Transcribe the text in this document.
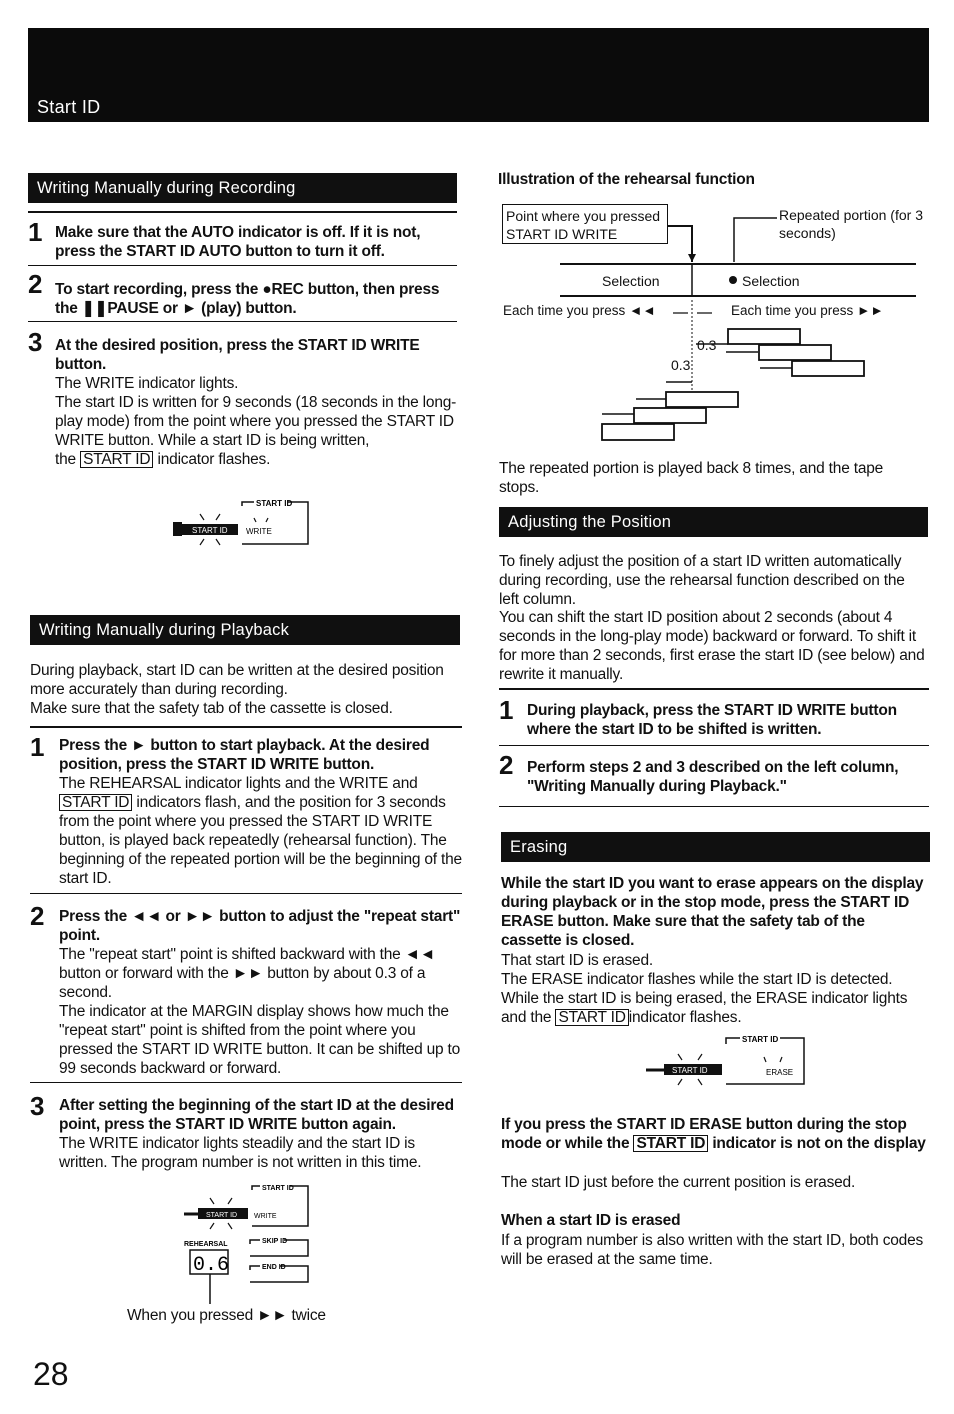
Start ID
Writing Manually during Recording
1 Make sure that the AUTO indicator is off. If it is not, press the START ID AUTO button to turn it off.
2 To start recording, press the ●REC button, then press the ❚❚PAUSE or ► (play) button.
3 At the desired position, press the START ID WRITE button.
The WRITE indicator lights.
The start ID is written for 9 seconds (18 seconds in the long-play mode) from the point where you pressed the START ID WRITE button. While a start ID is being written,
the START ID indicator flashes.
START ID
START ID WRITE
Writing Manually during Playback
During playback, start ID can be written at the desired position more accurately than during recording.
Make sure that the safety tab of the cassette is closed.
1 Press the ► button to start playback. At the desired position, press the START ID WRITE button.
The REHEARSAL indicator lights and the WRITE and START ID indicators flash, and the position for 3 seconds from the point where you pressed the START ID WRITE button, is played back repeatedly (rehearsal function). The beginning of the repeated portion will be the beginning of the start ID.
2 Press the ◄◄ or ►► button to adjust the "repeat start" point.
The "repeat start" point is shifted backward with the ◄◄ button or forward with the ►► button by about 0.3 of a second.
The indicator at the MARGIN display shows how much the "repeat start" point is shifted from the point where you pressed the START ID WRITE button. It can be shifted up to 99 seconds backward or forward.
3 After setting the beginning of the start ID at the desired point, press the START ID WRITE button again.
The WRITE indicator lights steadily and the start ID is written. The program number is not written in this time.
START ID
START ID WRITE
REHEARSAL	SKIP ID
0.6	END ID
When you pressed ►► twice
28
Illustration of the rehearsal function
Point where you pressed START ID WRITE
Repeated portion (for 3 seconds)
Selection	Selection
Each time you press ◄◄	Each time you press ►►
0.3
0.3
The repeated portion is played back 8 times, and the tape stops.
Adjusting the Position
To finely adjust the position of a start ID written automatically during recording, use the rehearsal function described on the left column.
You can shift the start ID position about 2 seconds (about 4 seconds in the long-play mode) backward or forward. To shift it for more than 2 seconds, first erase the start ID (see below) and rewrite it manually.
1 During playback, press the START ID WRITE button where the start ID to be shifted is written.
2 Perform steps 2 and 3 described on the left column, "Writing Manually during Playback."
Erasing
While the start ID you want to erase appears on the display during playback or in the stop mode, press the START ID ERASE button. Make sure that the safety tab of the cassette is closed.
That start ID is erased.
The ERASE indicator flashes while the start ID is detected.
While the start ID is being erased, the ERASE indicator lights and the START ID indicator flashes.
START ID
START ID	ERASE
If you press the START ID ERASE button during the stop mode or while the START ID indicator is not on the display
The start ID just before the current position is erased.
When a start ID is erased
If a program number is also written with the start ID, both codes will be erased at the same time.
